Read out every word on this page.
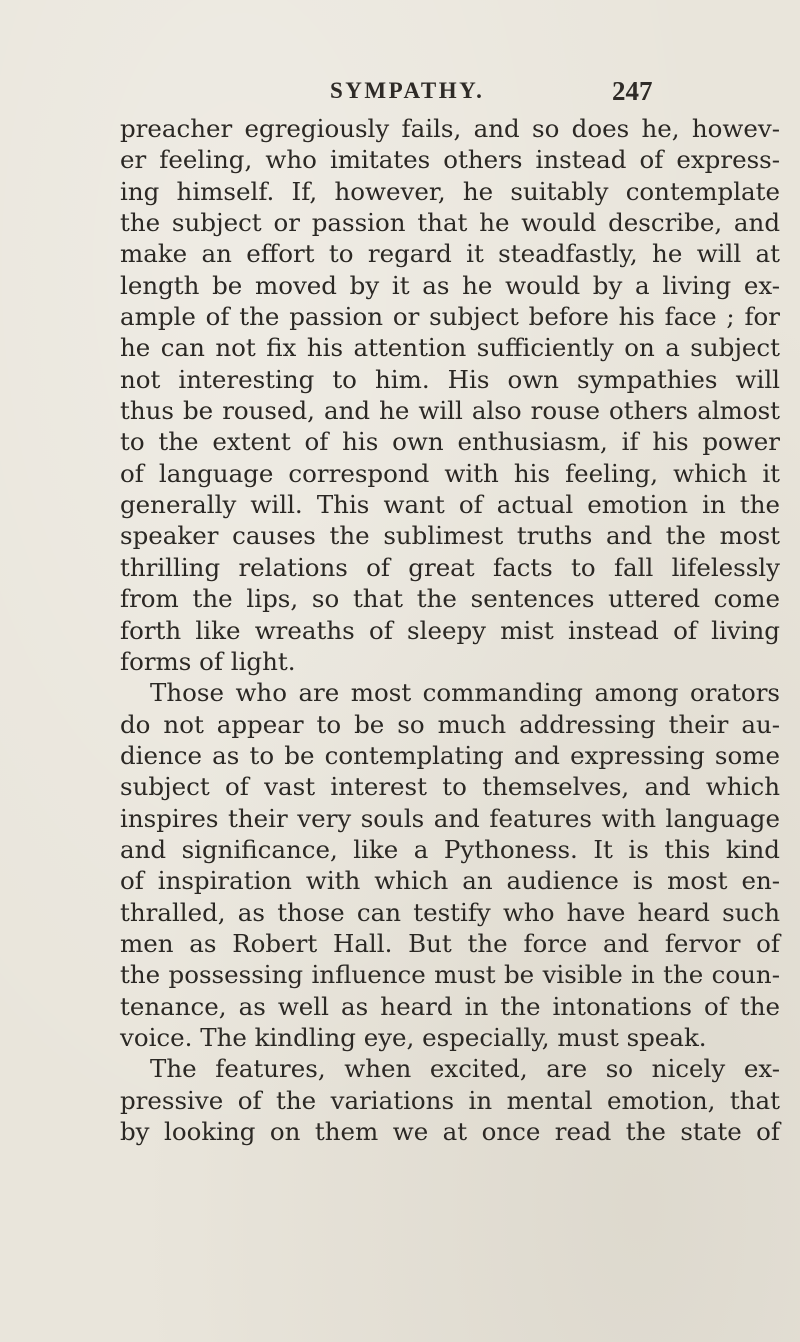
SYMPATHY.	247
preacher egregiously fails, and so does he, howev-
er feeling, who imitates others instead of express-
ing himself. If, however, he suitably contemplate
the subject or passion that he would describe, and
make an effort to regard it steadfastly, he will at
length be moved by it as he would by a living ex-
ample of the passion or subject before his face ; for
he can not fix his attention sufficiently on a subject
not interesting to him. His own sympathies will
thus be roused, and he will also rouse others almost
to the extent of his own enthusiasm, if his power
of language correspond with his feeling, which it
generally will. This want of actual emotion in the
speaker causes the sublimest truths and the most
thrilling relations of great facts to fall lifelessly
from the lips, so that the sentences uttered come
forth like wreaths of sleepy mist instead of living
forms of light.
Those who are most commanding among orators
do not appear to be so much addressing their au-
dience as to be contemplating and expressing some
subject of vast interest to themselves, and which
inspires their very souls and features with language
and significance, like a Pythoness. It is this kind
of inspiration with which an audience is most en-
thralled, as those can testify who have heard such
men as Robert Hall. But the force and fervor of
the possessing influence must be visible in the coun-
tenance, as well as heard in the intonations of the
voice. The kindling eye, especially, must speak.
The features, when excited, are so nicely ex-
pressive of the variations in mental emotion, that
by looking on them we at once read the state of
